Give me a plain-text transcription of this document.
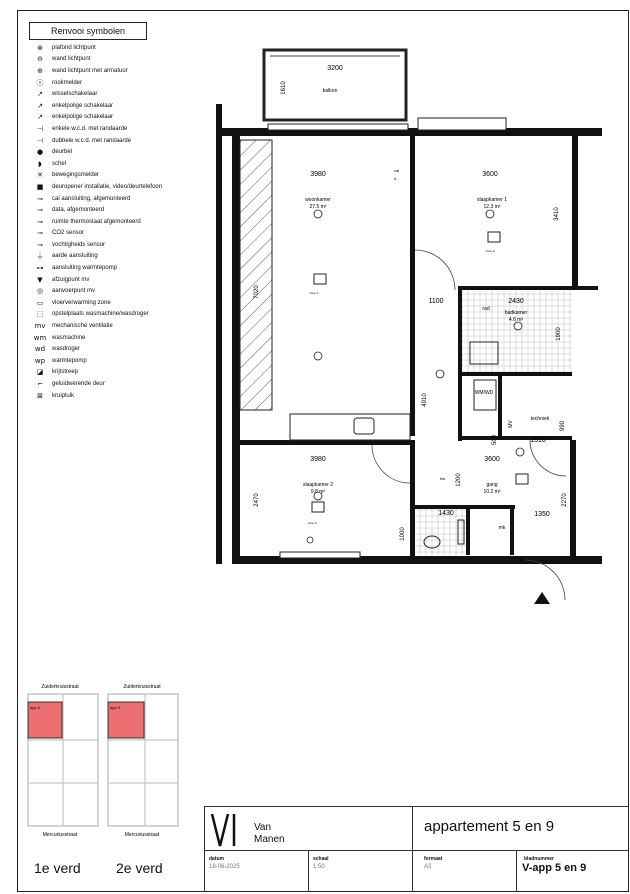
Renvooi symbolen
⊗	plafond lichtpunt
⊖	wand lichtpunt
⊕	wand lichtpunt met armatuur
ⓢ	rookmelder
↗	wisselschakelaar
↗	enkelpolige schakelaar
↗	enkelpolige schakelaar
⊣	enkele w.c.d. met randaarde
⊣	dubbele w.c.d. met randaarde
●	deurbel
◗	schel
✕	bewegingsmelder
■	deuropener installatie, video/deurtelefoon
⊸	cai aansluiting, afgemonteerd
⊸	data, afgemonteerd
⊸	ruimte thermostaat afgemonteerd
⊸	CO2 sensor
⊸	vochtigheids sensor
⏚	aarde aansluiting
⊶	aansluiting warmtepomp
▼	afzuigpunt mv
◎	aanvoerpunt mv
▭	vloerverwarming zone
⬚	opstelplaats wasmachine/wasdroger
mv	mechanische ventilatie
wm wasmachine
wd	wasdroger
wp	warmtepomp
◪	krijtstreep
⌐	geluidwerende deur
⊠	kruipluik
3200
balkon
1610
3980
woonkamer
27.5 m²
7020	zone 1
3600
slaapkamer 1
12.3 m²
3410
zone 2
1100	2430
rad
badkamer
4.6 m²
1900
4910
WM/WD
MV
techniek
1510
990
500
3980
slaapkamer 2
9.8 m²
2470
zone 3
3600
gang
10.2 m²
1200
1430
1000	mk
1350
2270
cai
d
bw
Zuiderkruisstraat	Zuiderkruisstraat
app 5	app 9
Mercuriusstraat	Mercuriusstraat
1e verd	2e verd
Van
Manen
appartement 5 en 9
datum
18-06-2025
schaal
1:50
formaat
A3
bladnummer
V-app 5 en 9
